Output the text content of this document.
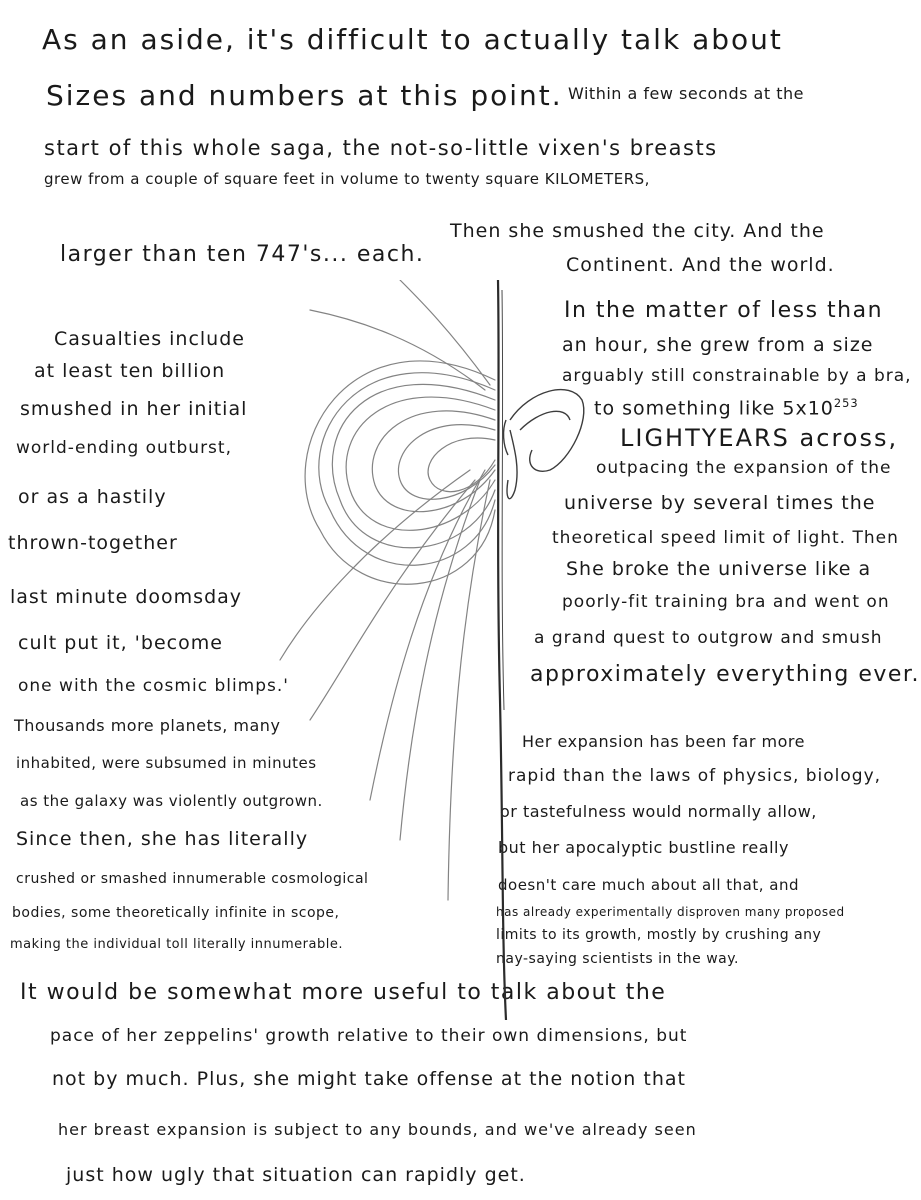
As an aside, it's difficult to actually talk about
Sizes and numbers at this point. Within a few seconds at the
start of this whole saga, the not-so-little vixen's breasts
grew from a couple of square feet in volume to twenty square KILOMETERS,
larger than ten 747's... each.
Then she smushed the city. And the
Continent. And the world.
In the matter of less than
an hour, she grew from a size
arguably still constrainable by a bra,
to something like $5x10^{253}$
LIGHTYEARS across,
outpacing the expansion of the
universe by several times the
theoretical speed limit of light. Then
She broke the universe like a
poorly-fit training bra and went on
a grand quest to outgrow and smush
approximately everything ever.
Casualties include
at least ten billion
smushed in her initial
world-ending outburst,
or as a hastily
thrown-together
last minute doomsday
cult put it, 'become
one with the cosmic blimps.'
Thousands more planets, many
inhabited, were subsumed in minutes
as the galaxy was violently outgrown.
Since then, she has literally
crushed or smashed innumerable cosmological
bodies, some theoretically infinite in scope,
making the individual toll literally innumerable.
Her expansion has been far more
rapid than the laws of physics, biology,
or tastefulness would normally allow,
but her apocalyptic bustline really
doesn't care much about all that, and
has already experimentally disproven many proposed
limits to its growth, mostly by crushing any
nay-saying scientists in the way.
It would be somewhat more useful to talk about the
pace of her zeppelins' growth relative to their own dimensions, but
not by much. Plus, she might take offense at the notion that
her breast expansion is subject to any bounds, and we've already seen
just how ugly that situation can rapidly get.
